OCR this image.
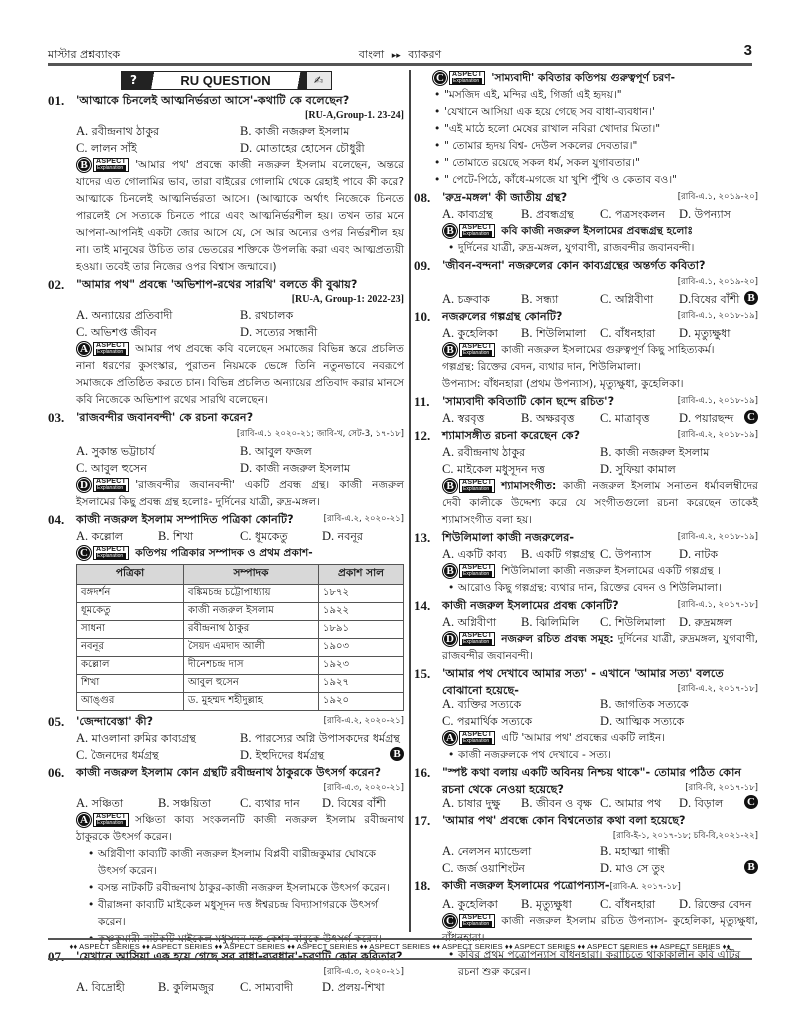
মাস্টার প্রশ্নব্যাংক	বাংলা ▸▸ ব্যাকরণ	3
?	RU QUESTION	✍
01.	'আত্মাকে চিনলেই আত্মনির্ভরতা আসে'-কথাটি কে বলেছেন?
[RU-A,Group-1. 23-24]
A. রবীন্দ্রনাথ ঠাকুর	B. কাজী নজরুল ইসলাম
C. লালন সাঁই	D. মোতাহের হোসেন চৌধুরী
B	ASPECT
Explanation 'আমার পথ' প্রবন্ধে কাজী নজরুল ইসলাম বলেছেন, অন্তরে যাদের এত গোলামির ভাব, তারা বাইরের গোলামি থেকে রেহাই পাবে কী করে? আত্মাকে চিনলেই আত্মনির্ভরতা আসে। (আত্মাকে অর্থাৎ নিজেকে চিনতে পারলেই সে সত্যকে চিনতে পারে এবং আত্মনির্ভরশীল হয়। তখন তার মনে আপনা-আপনিই একটা জোর আসে যে, সে আর অন্যের ওপর নির্ভরশীল হয় না। তাই মানুষের উচিত তার ভেতরের শক্তিকে উপলব্ধি করা এবং আত্মপ্রত্যয়ী হওয়া। তবেই তার নিজের ওপর বিশ্বাস জন্মাবে।)
02.	"আমার পথ" প্রবন্ধে 'অভিশাপ-রথের সারথি' বলতে কী বুঝায়?
[RU-A, Group-1: 2022-23]
A. অন্যায়ের প্রতিবাদী	B. রথচালক
C. অভিশপ্ত জীবন	D. সত্যের সন্ধানী
A	ASPECT
Explanation আমার পথ প্রবন্ধে কবি বলেছেন সমাজের বিভিন্ন স্তরে প্রচলিত নানা ধরণের কুসংস্কার, পুরাতন নিয়মকে ভেঙ্গে তিনি নতুনভাবে নবরূপে সমাজকে প্রতিষ্ঠিত করতে চান। বিভিন্ন প্রচলিত অন্যায়ের প্রতিবাদ করার মানসে কবি নিজেকে অভিশাপ রথের সারথি বলেছেন।
03.	'রাজবন্দীর জবানবন্দী' কে রচনা করেন?
[রাবি-এ.১ ২০২০-২১; জাবি-খ, সেট-3, ১৭-১৮]
A. সুকান্ত ভট্টাচার্য	B. আবুল ফজল
C. আবুল হুসেন	D. কাজী নজরুল ইসলাম
D	ASPECT
Explanation 'রাজবন্দীর জবানবন্দী' একটি প্রবন্ধ গ্রন্থ। কাজী নজরুল ইসলামের কিছু প্রবন্ধ গ্রন্থ হলোঃ- দুর্দিনের যাত্রী, রুদ্র-মঙ্গল।
04.	কাজী নজরুল ইসলাম সম্পাদিত পত্রিকা কোনটি?	[রাবি-এ.২, ২০২০-২১]
A. কল্লোল	B. শিখা	C. ধূমকেতু	D. নবনূর
C	ASPECT
Explanation কতিপয় পত্রিকার সম্পাদক ও প্রথম প্রকাশ-
পত্রিকা	সম্পাদক	প্রকাশ সাল
বঙ্গদর্শন	বঙ্কিমচন্দ্র চট্টোপাধ্যায়	১৮৭২
ধূমকেতু	কাজী নজরুল ইসলাম	১৯২২
সাধনা	রবীন্দ্রনাথ ঠাকুর	১৮৯১
নবনূর	সৈয়দ এমদাদ আলী	১৯০৩
কল্লোল	দীনেশচন্দ্র দাস	১৯২৩
শিখা	আবুল হুসেন	১৯২৭
আঙ্গুর	ড. মুহম্মদ শহীদুল্লাহ	১৯২০
05.	'জেন্দাবেস্তা' কী?	[রাবি-এ.২, ২০২০-২১]
A. মাওলানা রুমির কাব্যগ্রন্থ	B. পারস্যের অগ্নি উপাসকদের ধর্মগ্রন্থ
C. জৈনদের ধর্মগ্রন্থ	D. ইহুদিদের ধর্মগ্রন্থ	B
06.	কাজী নজরুল ইসলাম কোন গ্রন্থটি রবীন্দ্রনাথ ঠাকুরকে উৎসর্গ করেন?
[রাবি-এ.৩, ২০২০-২১]
A. সঞ্চিতা	B. সঞ্চয়িতা	C. ব্যথার দান	D. বিষের বাঁশী
A	ASPECT
Explanation সঞ্চিতা কাব্য সংকলনটি কাজী নজরুল ইসলাম রবীন্দ্রনাথ ঠাকুরকে উৎসর্গ করেন।
• অগ্নিবীণা কাব্যটি কাজী নজরুল ইসলাম বিপ্লবী বারীন্দ্রকুমার ঘোষকে উৎসর্গ করেন।
• বসন্ত নাটকটি রবীন্দ্রনাথ ঠাকুর-কাজী নজরুল ইসলামকে উৎসর্গ করেন।
• বীরাঙ্গনা কাব্যটি মাইকেল মধুসূদন দত্ত ঈশ্বরচন্দ্র বিদ্যাসাগরকে উৎসর্গ করেন।
• কৃষ্ণকুমারী নাটকটি মাইকেল মধুসূদন দত্ত কেশব বাবুকে উৎসর্গ করেন।
07.	'যেখানে আসিয়া এক হয়ে গেছে সব বাধা-ব্যবধান'-চরণটি কোন কবিতার?
[রাবি-এ.৩, ২০২০-২১]
A. বিদ্রোহী	B. কুলিমজুর	C. সাম্যবাদী	D. প্রলয়-শিখা
C	ASPECT
Explanation 'সাম্যবাদী' কবিতার কতিপয় গুরুত্বপূর্ণ চরণ-
• "মসজিদ এই, মন্দির এই, গির্জা এই হৃদয়।"
• 'যেখানে আসিয়া এক হয়ে গেছে সব বাধা-ব্যবধান।'
• "এই মাঠে হলো মেষের রাখাল নবিরা খোদার মিতা।"
• " তোমার হৃদয় বিশ্ব- দেউল সকলের দেবতার।"
• " তোমাতে রয়েছে সকল ধর্ম, সকল যুগাবতার।"
• " পেটে-পিঠে, কাঁধে-মগজে যা খুশি পুঁথি ও কেতাব বও।"
08.	'রুদ্র-মঙ্গল' কী জাতীয় গ্রন্থ?	[রাবি-এ.১, ২০১৯-২০]
A. কাব্যগ্রন্থ	B. প্রবন্ধগ্রন্থ	C. পত্রসংকলন	D. উপন্যাস
B	ASPECT
Explanation কবি কাজী নজরুল ইসলামের প্রবন্ধগ্রন্থ হলোঃ
• দুর্দিনের যাত্রী, রুদ্র-মঙ্গল, যুগবাণী, রাজবন্দীর জবানবন্দী।
09.	'জীবন-বন্দনা' নজরুলের কোন কাব্যগ্রন্থের অন্তর্গত কবিতা?
[রাবি-এ.১, ২০১৯-২০]
A. চক্রবাক	B. সন্ধ্যা	C. অগ্নিবীণা	D.বিষের বাঁশী B
10.	নজরুলের গল্পগ্রন্থ কোনটি?	[রাবি-এ.১, ২০১৮-১৯]
A. কুহেলিকা	B. শিউলিমালা	C. বাঁধনহারা	D. মৃত্যুক্ষুধা
B	ASPECT
Explanation কাজী নজরুল ইসলামের গুরুত্বপূর্ণ কিছু সাহিত্যকর্ম।
গল্পগ্রন্থ: রিক্তের বেদন, ব্যথার দান, শিউলিমালা।
উপন্যাস: বাঁধনহারা (প্রথম উপন্যাস), মৃত্যুক্ষুধা, কুহেলিকা।
11.	'সাম্যবাদী কবিতাটি কোন ছন্দে রচিত'?	[রাবি-এ.১, ২০১৮-১৯]
A. স্বরবৃত্ত	B. অক্ষরবৃত্ত	C. মাত্রাবৃত্ত	D. পয়ারছন্দ C
12.	শ্যামাসঙ্গীত রচনা করেছেন কে?	[রাবি-এ.২, ২০১৮-১৯]
A. রবীন্দ্রনাথ ঠাকুর	B. কাজী নজরুল ইসলাম
C. মাইকেল মধুসূদন দত্ত	D. সুফিয়া কামাল
B	ASPECT
Explanation শ্যামাসংগীত: কাজী নজরুল ইসলাম সনাতন ধর্মাবলম্বীদের দেবী কালীকে উদ্দেশ্য করে যে সংগীতগুলো রচনা করেছেন তাকেই শ্যামাসংগীত বলা হয়।
13.	শিউলিমালা কাজী নজরুলের-	[রাবি-এ.২, ২০১৮-১৯]
A. একটি কাব্য	B. একটি গল্পগ্রন্থ C. উপন্যাস	D. নাটক
B	ASPECT
Explanation শিউলিমালা কাজী নজরুল ইসলামের একটি গল্পগ্রন্থ ।
• আরোও কিছু গল্পগ্রন্থ: ব্যথার দান, রিক্তের বেদন ও শিউলিমালা।
14.	কাজী নজরুল ইসলামের প্রবন্ধ কোনটি?	[রাবি-এ.১, ২০১৭-১৮]
A. অগ্নিবীণা	B. ঝিলিমিলি	C. শিউলিমালা	D. রুদ্রমঙ্গল
D	ASPECT
Explanation নজরুল রচিত প্রবন্ধ সমূহ: দুর্দিনের যাত্রী, রুদ্রমঙ্গল, যুগবাণী, রাজবন্দীর জবানবন্দী।
15.	'আমার পথ দেখাবে আমার সত্য' - এখানে 'আমার সত্য' বলতে বোঝানো হয়েছে-	[রাবি-এ.২, ২০১৭-১৮]
A. ব্যক্তির সত্যকে	B. জাগতিক সত্যকে
C. পরমার্থিক সত্যকে	D. আত্মিক সত্যকে
A	ASPECT
Explanation এটি 'আমার পথ' প্রবন্ধের একটি লাইন।
• কাজী নজরুলকে পথ দেখাবে - সত্য।
16.	"স্পষ্ট কথা বলায় একটি অবিনয় নিশ্চয় থাকে"- তোমার পঠিত কোন রচনা থেকে নেওয়া হয়েছে?	[রাবি-বি, ২০১৭-১৮]
A. চাষার দুক্ষু	B. জীবন ও বৃক্ষ C. আমার পথ	D. বিড়াল C
17.	'আমার পথ' প্রবন্ধে কোন বিশ্বনেতার কথা বলা হয়েছে?
[রাবি-ই-১, ২০১৭-১৮; চবি-বি,২০২১-২২]
A. নেলসন ম্যান্ডেলা	B. মহাত্মা গান্ধী
C. জর্জ ওয়াশিংটন	D. মাও সে তুং	B
18.	কাজী নজরুল ইসলামের পত্রোপন্যাস-[রাবি-A. ২০১৭-১৮]
A. কুহেলিকা	B. মৃত্যুক্ষুধা	C. বাঁধনহারা	D. রিক্তের বেদন
C	ASPECT
Explanation কাজী নজরুল ইসলাম রচিত উপন্যাস- কুহেলিকা, মৃত্যুক্ষুধা, বাঁধনহারা।
• কবির প্রথম পত্রোপন্যাস বাঁধনহারা। করাচিতে থাকাকালীন কবি এটির রচনা শুরু করেন।
♦♦ ASPECT SERIES ♦♦ ASPECT SERIES ♦♦ ASPECT SERIES ♦♦ ASPECT SERIES ♦♦ ASPECT SERIES ♦♦ ASPECT SERIES ♦♦ ASPECT SERIES ♦♦ ASPECT SERIES ♦♦ ASPECT SERIES ♦♦
